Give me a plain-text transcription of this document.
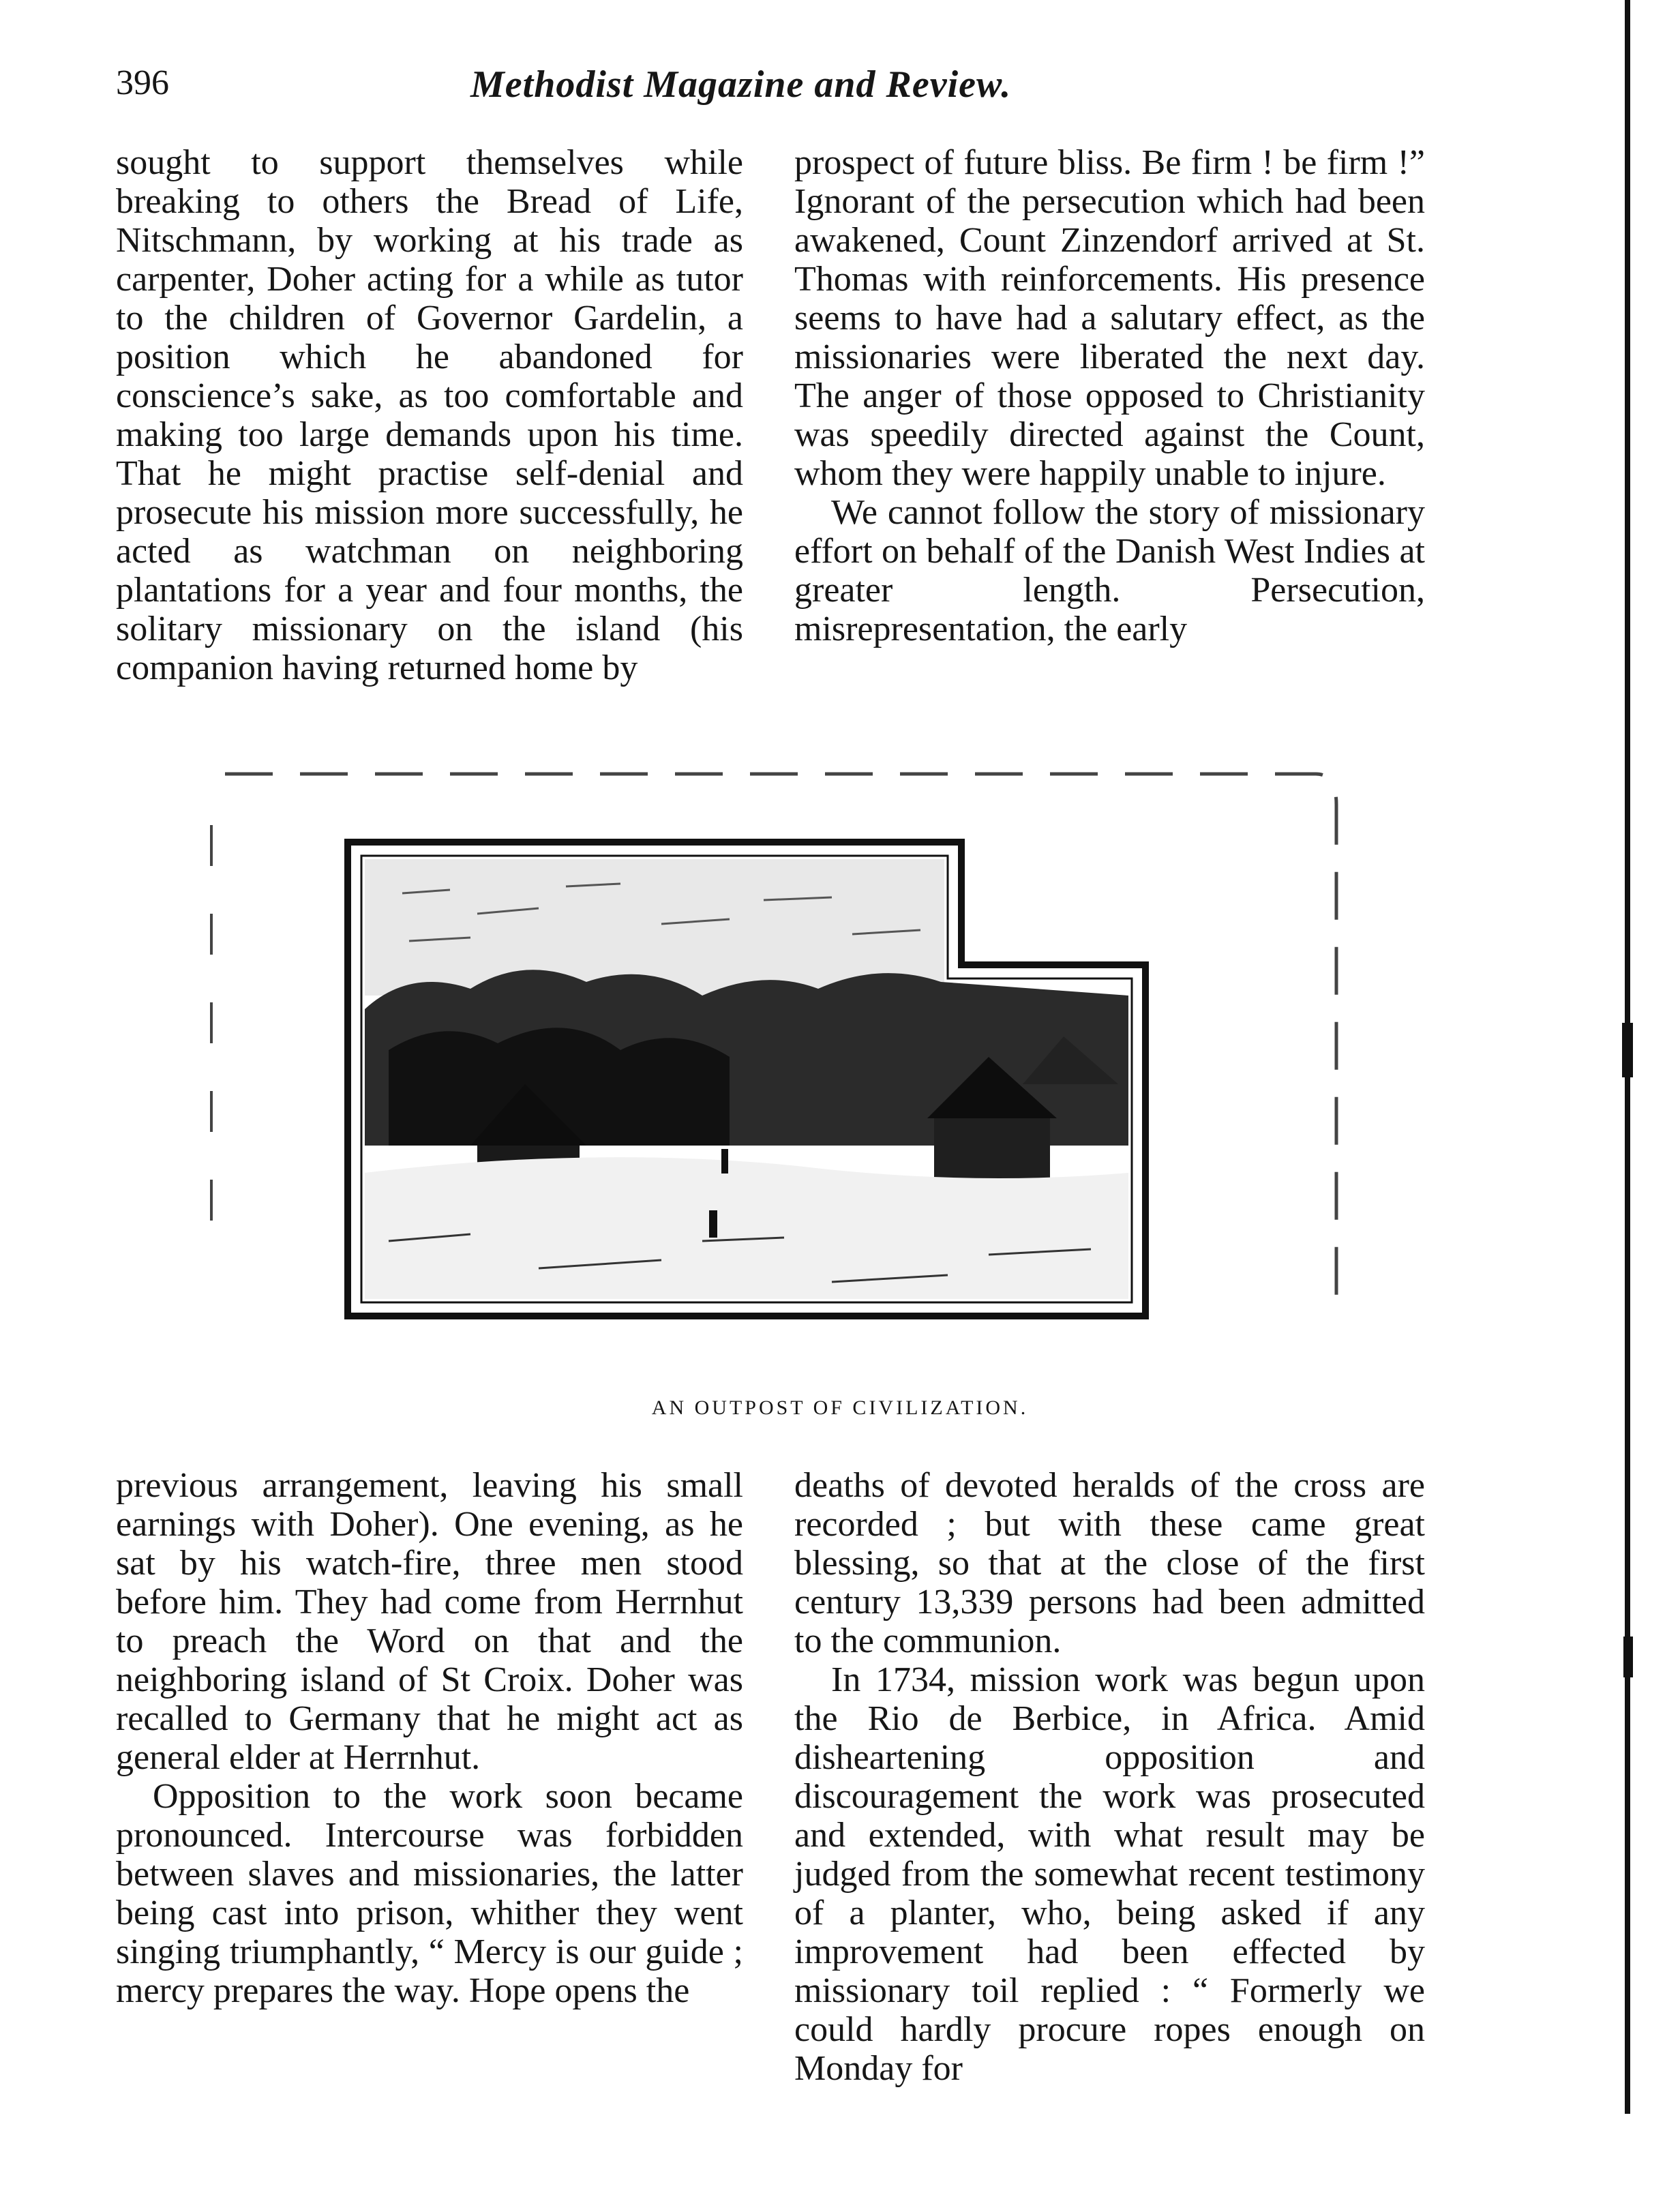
396	Methodist Magazine and Review.

sought to support themselves while breaking to others the Bread of Life, Nitschmann, by working at his trade as carpenter, Doher acting for a while as tutor to the children of Governor Gardelin, a position which he abandoned for conscience’s sake, as too comfortable and making too large demands upon his time. That he might practise self-denial and prosecute his mission more successfully, he acted as watchman on neighboring plantations for a year and four months, the solitary missionary on the island (his companion having returned home by

prospect of future bliss. Be firm ! be firm !” Ignorant of the persecution which had been awakened, Count Zinzendorf arrived at St. Thomas with reinforcements. His presence seems to have had a salutary effect, as the missionaries were liberated the next day. The anger of those opposed to Christianity was speedily directed against the Count, whom they were happily unable to injure.

We cannot follow the story of missionary effort on behalf of the Danish West Indies at greater length. Persecution, misrepresentation, the early

AN OUTPOST OF CIVILIZATION.

previous arrangement, leaving his small earnings with Doher). One evening, as he sat by his watch-fire, three men stood before him. They had come from Herrnhut to preach the Word on that and the neighboring island of St Croix. Doher was recalled to Germany that he might act as general elder at Herrnhut.

Opposition to the work soon became pronounced. Intercourse was forbidden between slaves and missionaries, the latter being cast into prison, whither they went singing triumphantly, “ Mercy is our guide ; mercy prepares the way. Hope opens the

deaths of devoted heralds of the cross are recorded ; but with these came great blessing, so that at the close of the first century 13,339 persons had been admitted to the communion.

In 1734, mission work was begun upon the Rio de Berbice, in Africa. Amid disheartening opposition and discouragement the work was prosecuted and extended, with what result may be judged from the somewhat recent testimony of a planter, who, being asked if any improvement had been effected by missionary toil replied : “ Formerly we could hardly procure ropes enough on Monday for
